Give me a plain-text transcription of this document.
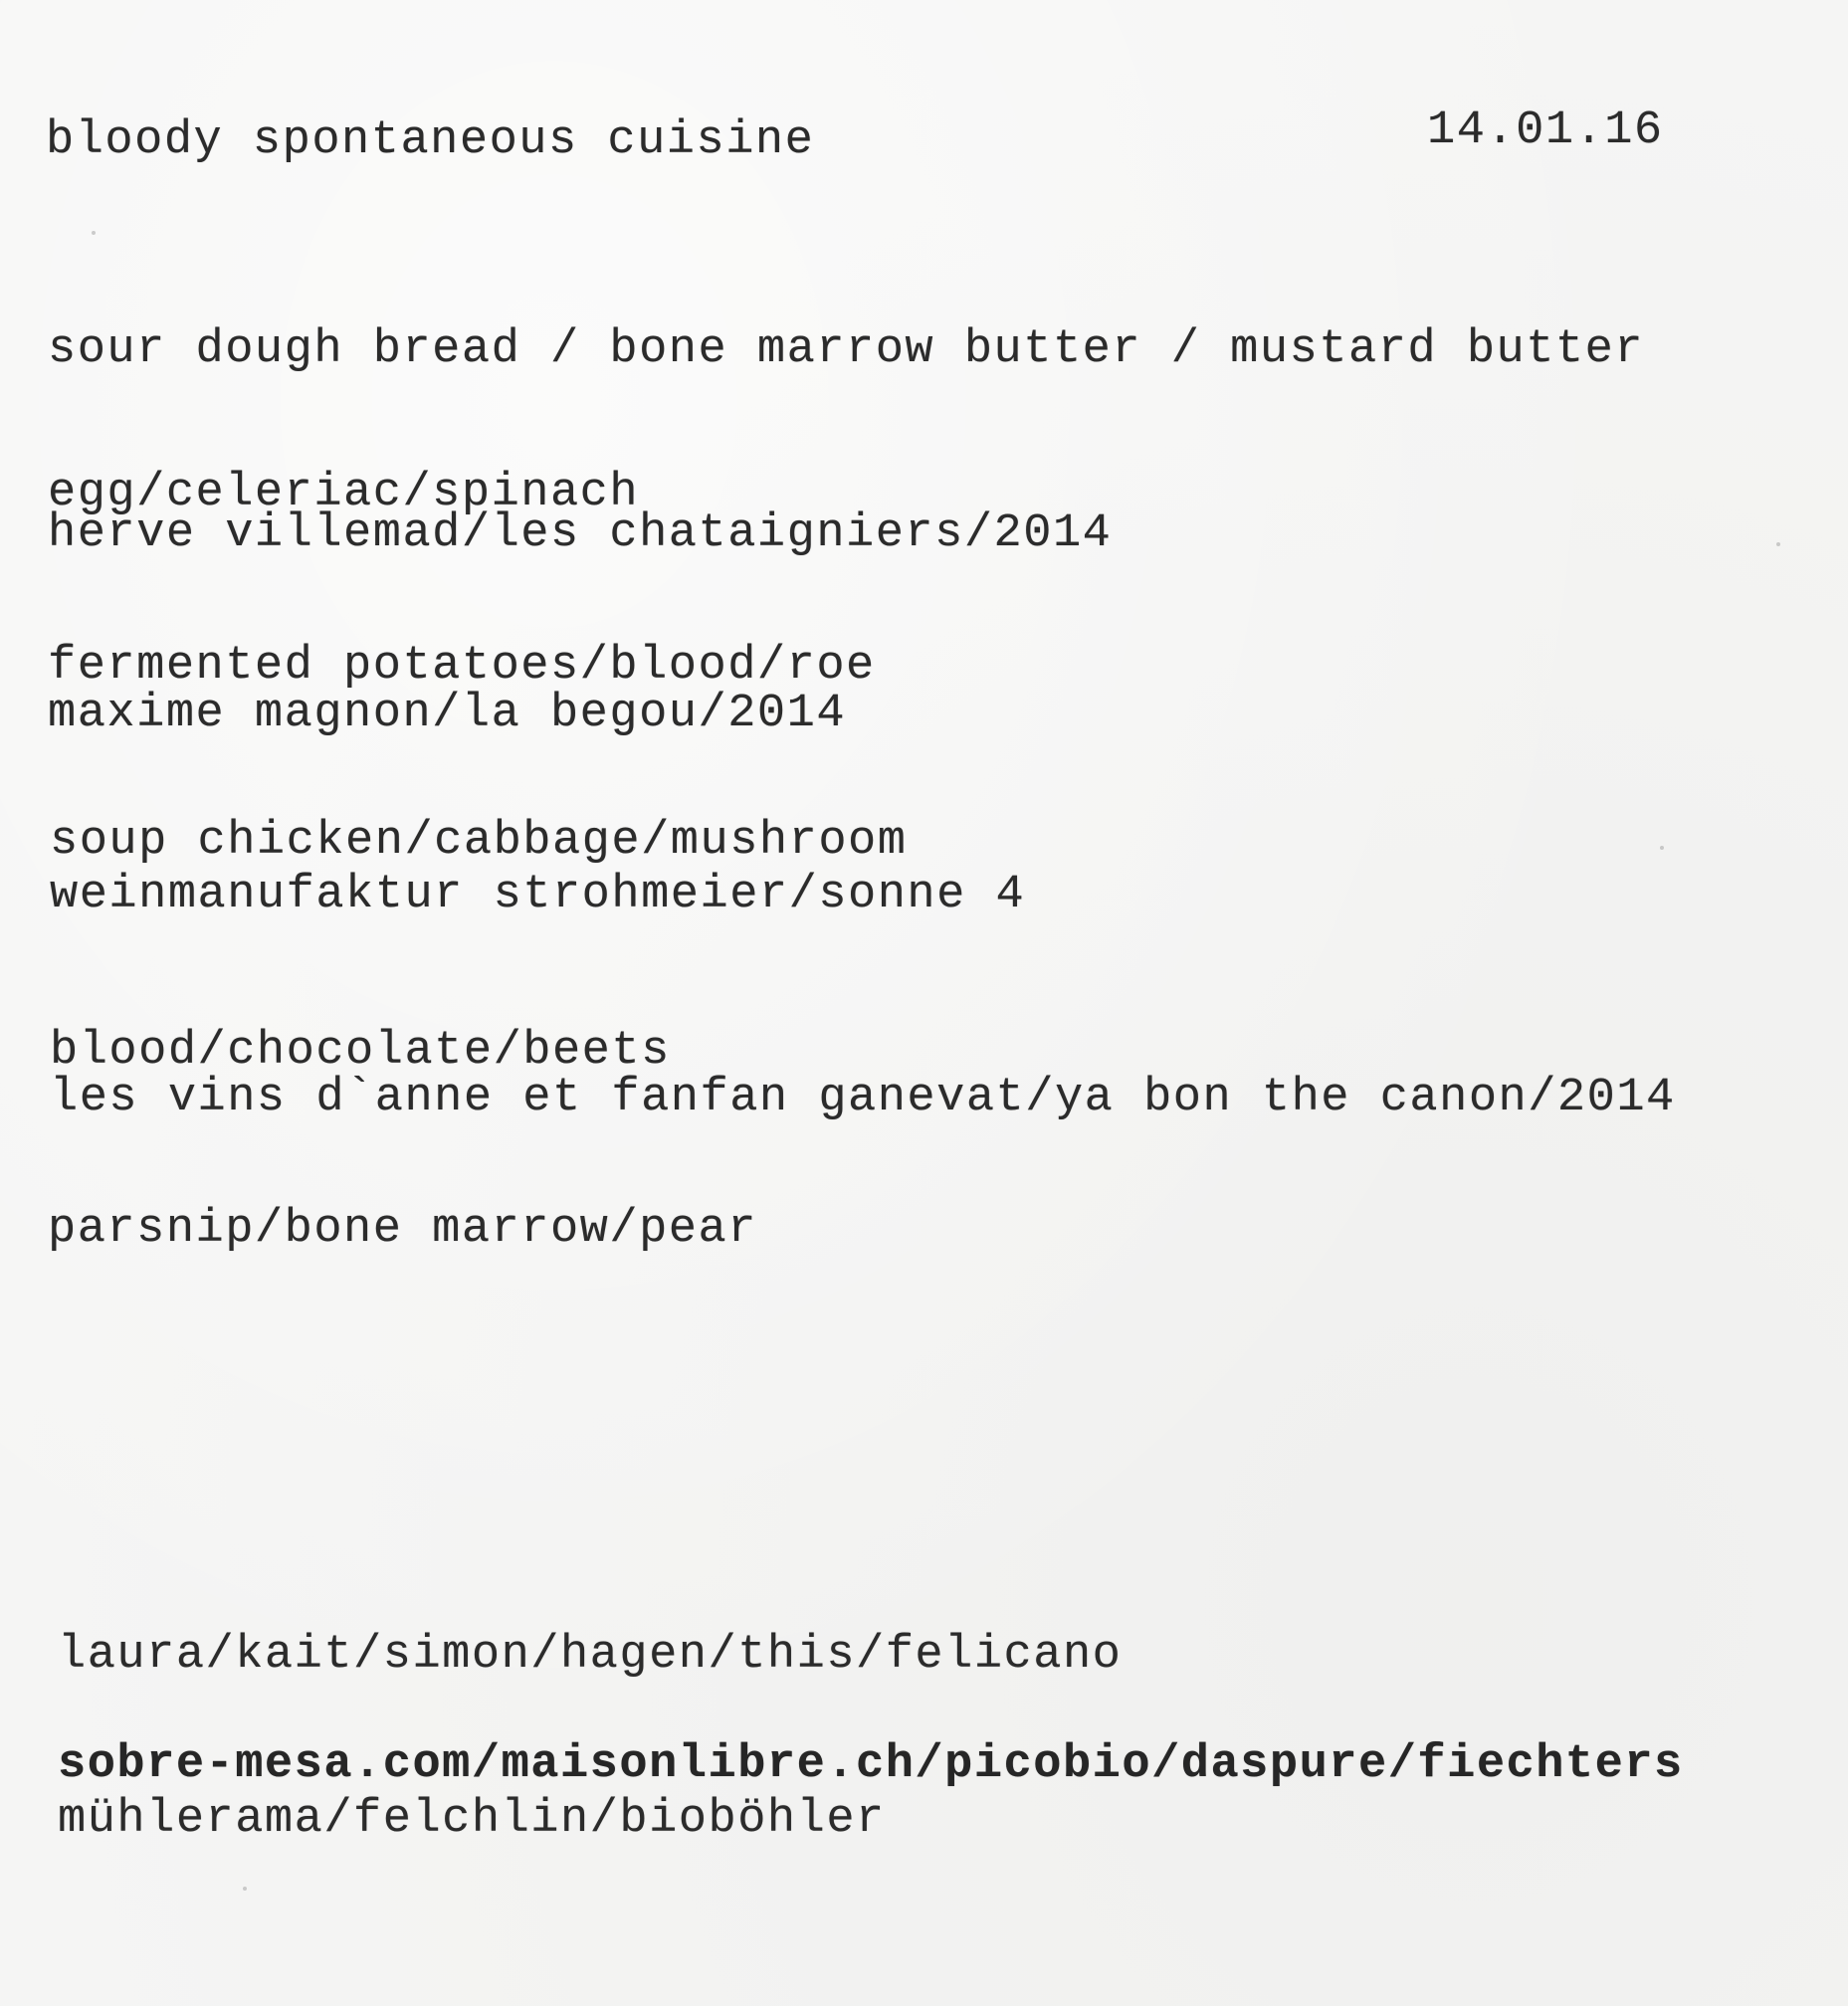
bloody spontaneous cuisine	14.01.16
sour dough bread / bone marrow butter / mustard butter
egg/celeriac/spinach
herve villemad/les chataigniers/2014
fermented potatoes/blood/roe
maxime magnon/la begou/2014
soup chicken/cabbage/mushroom
weinmanufaktur strohmeier/sonne 4
blood/chocolate/beets
les vins d`anne et fanfan ganevat/ya bon the canon/2014
parsnip/bone marrow/pear
laura/kait/simon/hagen/this/felicano
sobre-mesa.com/maisonlibre.ch/picobio/daspure/fiechters
mühlerama/felchlin/bioböhler
